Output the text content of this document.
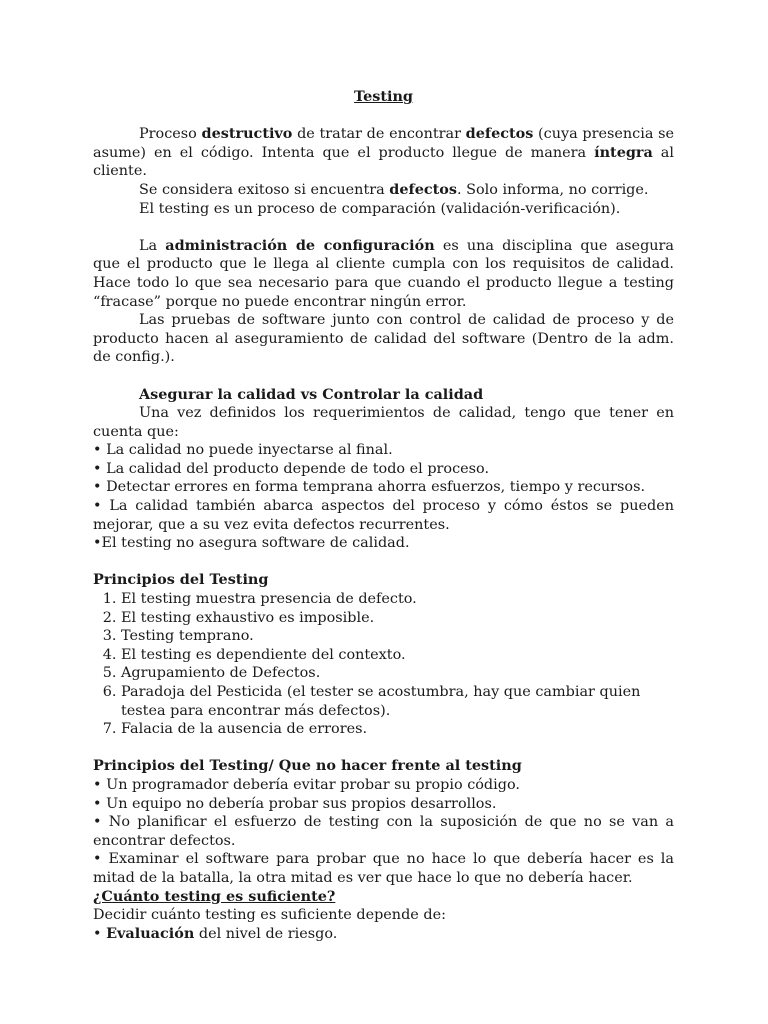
Testing

Proceso destructivo de tratar de encontrar defectos (cuya presencia se asume) en el código. Intenta que el producto llegue de manera íntegra al cliente.

Se considera exitoso si encuentra defectos. Solo informa, no corrige.

El testing es un proceso de comparación (validación-verificación).

La administración de configuración es una disciplina que asegura que el producto que le llega al cliente cumpla con los requisitos de calidad. Hace todo lo que sea necesario para que cuando el producto llegue a testing “fracase” porque no puede encontrar ningún error.

Las pruebas de software junto con control de calidad de proceso y de producto hacen al aseguramiento de calidad del software (Dentro de la adm. de config.).

Asegurar la calidad vs Controlar la calidad

Una vez definidos los requerimientos de calidad, tengo que tener en cuenta que:

• La calidad no puede inyectarse al final.

• La calidad del producto depende de todo el proceso.

• Detectar errores en forma temprana ahorra esfuerzos, tiempo y recursos.

• La calidad también abarca aspectos del proceso y cómo éstos se pueden mejorar, que a su vez evita defectos recurrentes.

•El testing no asegura software de calidad.

Principios del Testing

1. El testing muestra presencia de defecto.
2. El testing exhaustivo es imposible.
3. Testing temprano.
4. El testing es dependiente del contexto.
5. Agrupamiento de Defectos.
6. Paradoja del Pesticida (el tester se acostumbra, hay que cambiar quien testea para encontrar más defectos).
7. Falacia de la ausencia de errores.

Principios del Testing/ Que no hacer frente al testing

• Un programador debería evitar probar su propio código.

• Un equipo no debería probar sus propios desarrollos.

• No planificar el esfuerzo de testing con la suposición de que no se van a encontrar defectos.

• Examinar el software para probar que no hace lo que debería hacer es la mitad de la batalla, la otra mitad es ver que hace lo que no debería hacer.

¿Cuánto testing es suficiente?

Decidir cuánto testing es suficiente depende de:

• Evaluación del nivel de riesgo.
